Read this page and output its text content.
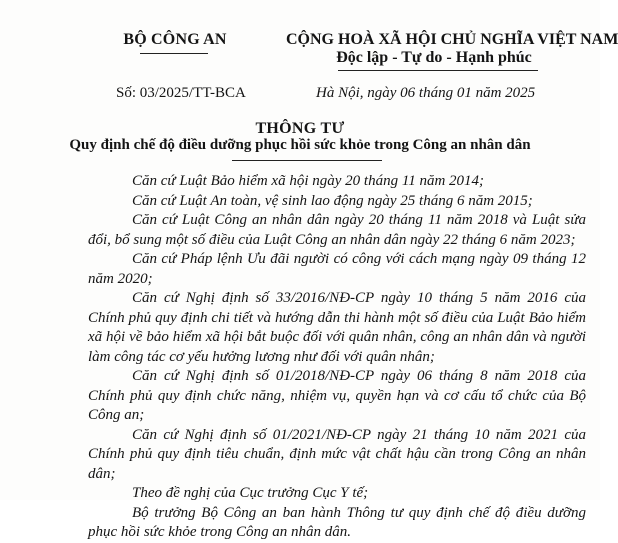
BỘ CÔNG AN	CỘNG HOÀ XÃ HỘI CHỦ NGHĨA VIỆT NAM
Độc lập - Tự do - Hạnh phúc
Số: 03/2025/TT-BCA	Hà Nội, ngày 06 tháng 01 năm 2025
THÔNG TƯ
Quy định chế độ điều dưỡng phục hồi sức khỏe trong Công an nhân dân

Căn cứ Luật Bảo hiểm xã hội ngày 20 tháng 11 năm 2014;

Căn cứ Luật An toàn, vệ sinh lao động ngày 25 tháng 6 năm 2015;

Căn cứ Luật Công an nhân dân ngày 20 tháng 11 năm 2018 và Luật sửa đổi, bổ sung một số điều của Luật Công an nhân dân ngày 22 tháng 6 năm 2023;

Căn cứ Pháp lệnh Ưu đãi người có công với cách mạng ngày 09 tháng 12 năm 2020;

Căn cứ Nghị định số 33/2016/NĐ-CP ngày 10 tháng 5 năm 2016 của Chính phủ quy định chi tiết và hướng dẫn thi hành một số điều của Luật Bảo hiểm xã hội về bảo hiểm xã hội bắt buộc đối với quân nhân, công an nhân dân và người làm công tác cơ yếu hưởng lương như đối với quân nhân;

Căn cứ Nghị định số 01/2018/NĐ-CP ngày 06 tháng 8 năm 2018 của Chính phủ quy định chức năng, nhiệm vụ, quyền hạn và cơ cấu tổ chức của Bộ Công an;

Căn cứ Nghị định số 01/2021/NĐ-CP ngày 21 tháng 10 năm 2021 của Chính phủ quy định tiêu chuẩn, định mức vật chất hậu cần trong Công an nhân dân;

Theo đề nghị của Cục trưởng Cục Y tế;

Bộ trưởng Bộ Công an ban hành Thông tư quy định chế độ điều dưỡng phục hồi sức khỏe trong Công an nhân dân.
